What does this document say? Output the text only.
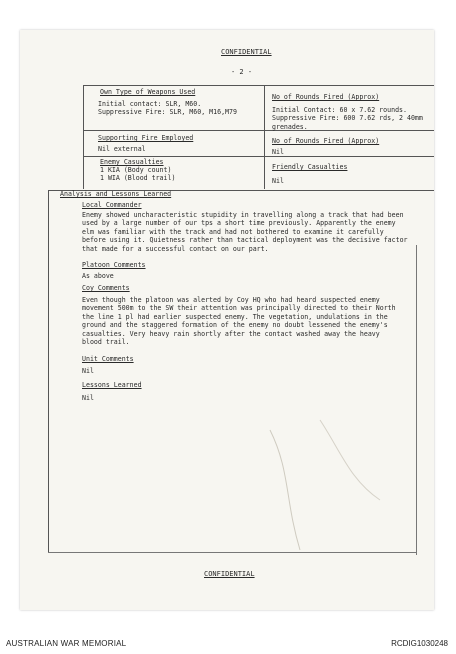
CONFIDENTIAL
- 2 -
Own Type of Weapons Used
Initial contact: SLR, M60.
Suppressive Fire: SLR, M60, M16,M79
No of Rounds Fired (Approx)
Initial Contact: 60 x 7.62 rounds.
Suppressive Fire: 600 7.62 rds, 2 40mm
grenades.
Supporting Fire Employed
Nil external
No of Rounds Fired (Approx)
Nil
Enemy Casualties
1 KIA (Body count)
1 WIA (Blood trail)
Friendly Casualties
Nil
Analysis and Lessons Learned
Local Commander
Enemy showed uncharacteristic stupidity in travelling along a track that had been
used by a large number of our tps a short time previously. Apparently the enemy
elm was familiar with the track and had not bothered to examine it carefully
before using it. Quietness rather than tactical deployment was the decisive factor
that made for a successful contact on our part.
Platoon Comments
As above
Coy Comments
Even though the platoon was alerted by Coy HQ who had heard suspected enemy
movement 500m to the SW their attention was principally directed to their North
the line 1 pl had earlier suspected enemy. The vegetation, undulations in the
ground and the staggered formation of the enemy no doubt lessened the enemy's
casualties. Very heavy rain shortly after the contact washed away the heavy
blood trail.
Unit Comments
Nil
Lessons Learned
Nil
CONFIDENTIAL
AUSTRALIAN WAR MEMORIAL	RCDIG1030248
